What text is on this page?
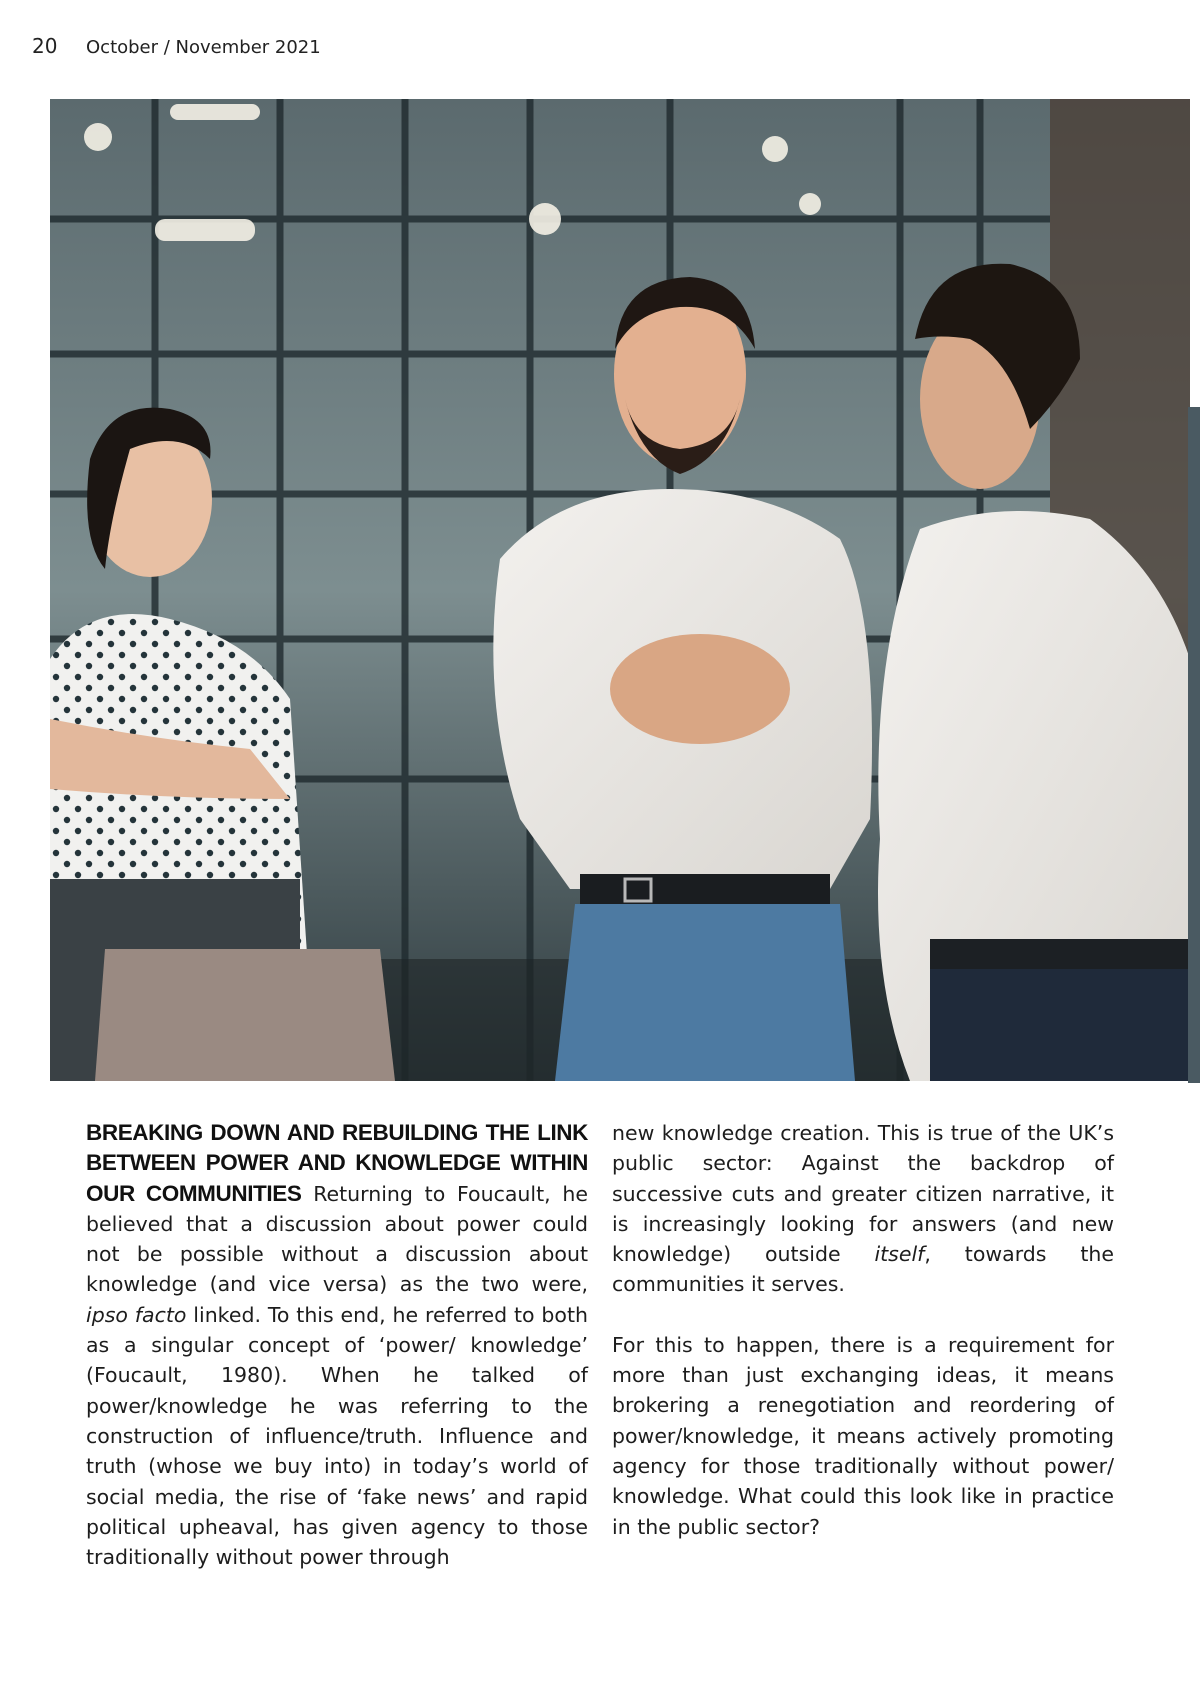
20 October / November 2021

BREAKING DOWN AND REBUILDING THE LINK BETWEEN POWER AND KNOWLEDGE WITHIN OUR COMMUNITIES Returning to Foucault, he believed that a discussion about power could not be possible without a discussion about knowledge (and vice versa) as the two were, ipso facto linked. To this end, he referred to both as a singular concept of ‘power/ knowledge’ (Foucault, 1980). When he talked of power/knowledge he was referring to the construction of influence/truth. Influence and truth (whose we buy into) in today’s world of social media, the rise of ‘fake news’ and rapid political upheaval, has given agency to those traditionally without power through

new knowledge creation. This is true of the UK’s public sector: Against the backdrop of successive cuts and greater citizen narrative, it is increasingly looking for answers (and new knowledge) outside itself, towards the communities it serves.

For this to happen, there is a requirement for more than just exchanging ideas, it means brokering a renegotiation and reordering of power/knowledge, it means actively promoting agency for those traditionally without power/ knowledge. What could this look like in practice in the public sector?
